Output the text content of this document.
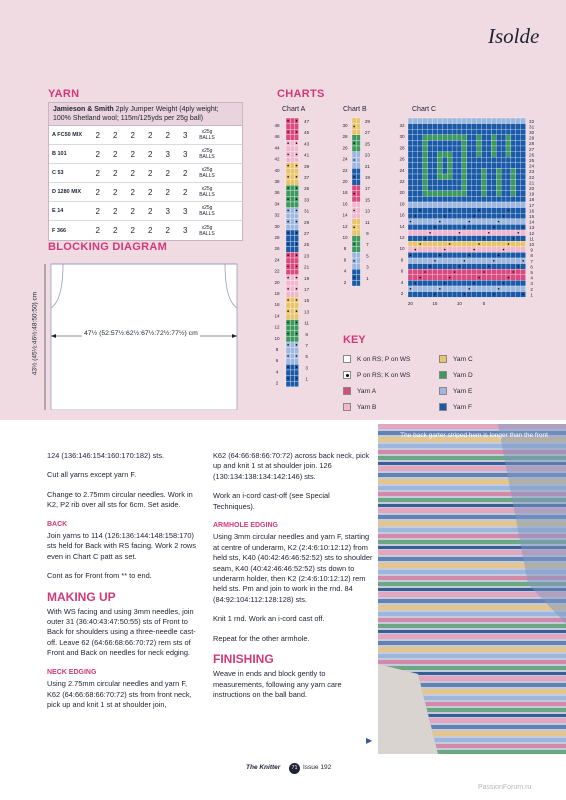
Isolde
YARN
Jamieson & Smith 2ply Jumper Weight (4ply weight; 100% Shetland wool; 115m/125yds per 25g ball)
A FC50 MIX	2	2	2	2	2	3	x25g BALLS
B 101	2	2	2	2	3	3	x25g BALLS
C 53	2	2	2	2	2	2	x25g BALLS
D 1280 MIX	2	2	2	2	2	2	x25g BALLS
E 14	2	2	2	2	3	3	x25g BALLS
F 366	2	2	2	2	2	3	x25g BALLS
BLOCKING DIAGRAM
47½ (52:57½:62½:67½:72½:77½) cm
43½ (45½:46½:48:50:50) cm
CHARTS
Chart A	Chart B	Chart C
48
46
44
42
40
38
36
34
32
30
28
26
24
22
20
18
16
14
12
10
8
6
4
2
47
45
43
41
39
37
35
33
31
29
27
25
23
21
19
17
15
13
11
9
7
5
3
1
30
28
26
24
22
20
18
16
14
12
10
8
6
4
2
29
27
25
23
21
19
17
15
13
11
9
7
5
3
1
32
30
28
26
24
22
20
18
16
14
12
10
8
6
4
2
32
31
30
29
28
27
26
25
24
23
22
21
20
19
18
17
16
15
14
13
12
11
10
9
8
7
6
5
4
3
2
1
20	15	10	5
KEY
K on RS; P on WS	Yarn C
P on RS; K on WS	Yarn D
Yarn A	Yarn E
Yarn B	Yarn F

124 (136:146:154:160:170:182) sts.

Cut all yarns except yarn F.

Change to 2.75mm circular needles. Work in K2, P2 rib over all sts for 6cm. Set aside.

BACK

Join yarns to 114 (126:136:144:148:158:170) sts held for Back with RS facing. Work 2 rows even in Chart C patt as set.

Cont as for Front from ** to end.

MAKING UP

With WS facing and using 3mm needles, join outer 31 (36:40:43:47:50:55) sts of Front to Back for shoulders using a three-needle cast-off. Leave 62 (64:66:68:66:70:72) rem sts of Front and Back on needles for neck edging.

NECK EDGING

Using 2.75mm circular needles and yarn F, K62 (64:66:68:66:70:72) sts from front neck, pick up and knit 1 st at shoulder join,

K62 (64:66:68:66:70:72) across back neck, pick up and knit 1 st at shoulder join. 126 (130:134:138:134:142:146) sts.

Work an i-cord cast-off (see Special Techniques).

ARMHOLE EDGING

Using 3mm circular needles and yarn F, starting at centre of underarm, K2 (2:4:6:10:12:12) from held sts, K40 (40:42:46:46:52:52) sts to shoulder seam, K40 (40:42:46:46:52:52) sts down to underarm holder, then K2 (2:4:6:10:12:12) rem held sts. Pm and join to work in the rnd. 84 (84:92:104:112:128:128) sts.

Knit 1 rnd. Work an i-cord cast off.

Repeat for the other armhole.

FINISHING

Weave in ends and block gently to measurements, following any yarn care instructions on the ball band.

The back garter striped hem is longer than the front
▶
The Knitter	71 Issue 192
PassionForum.ru
